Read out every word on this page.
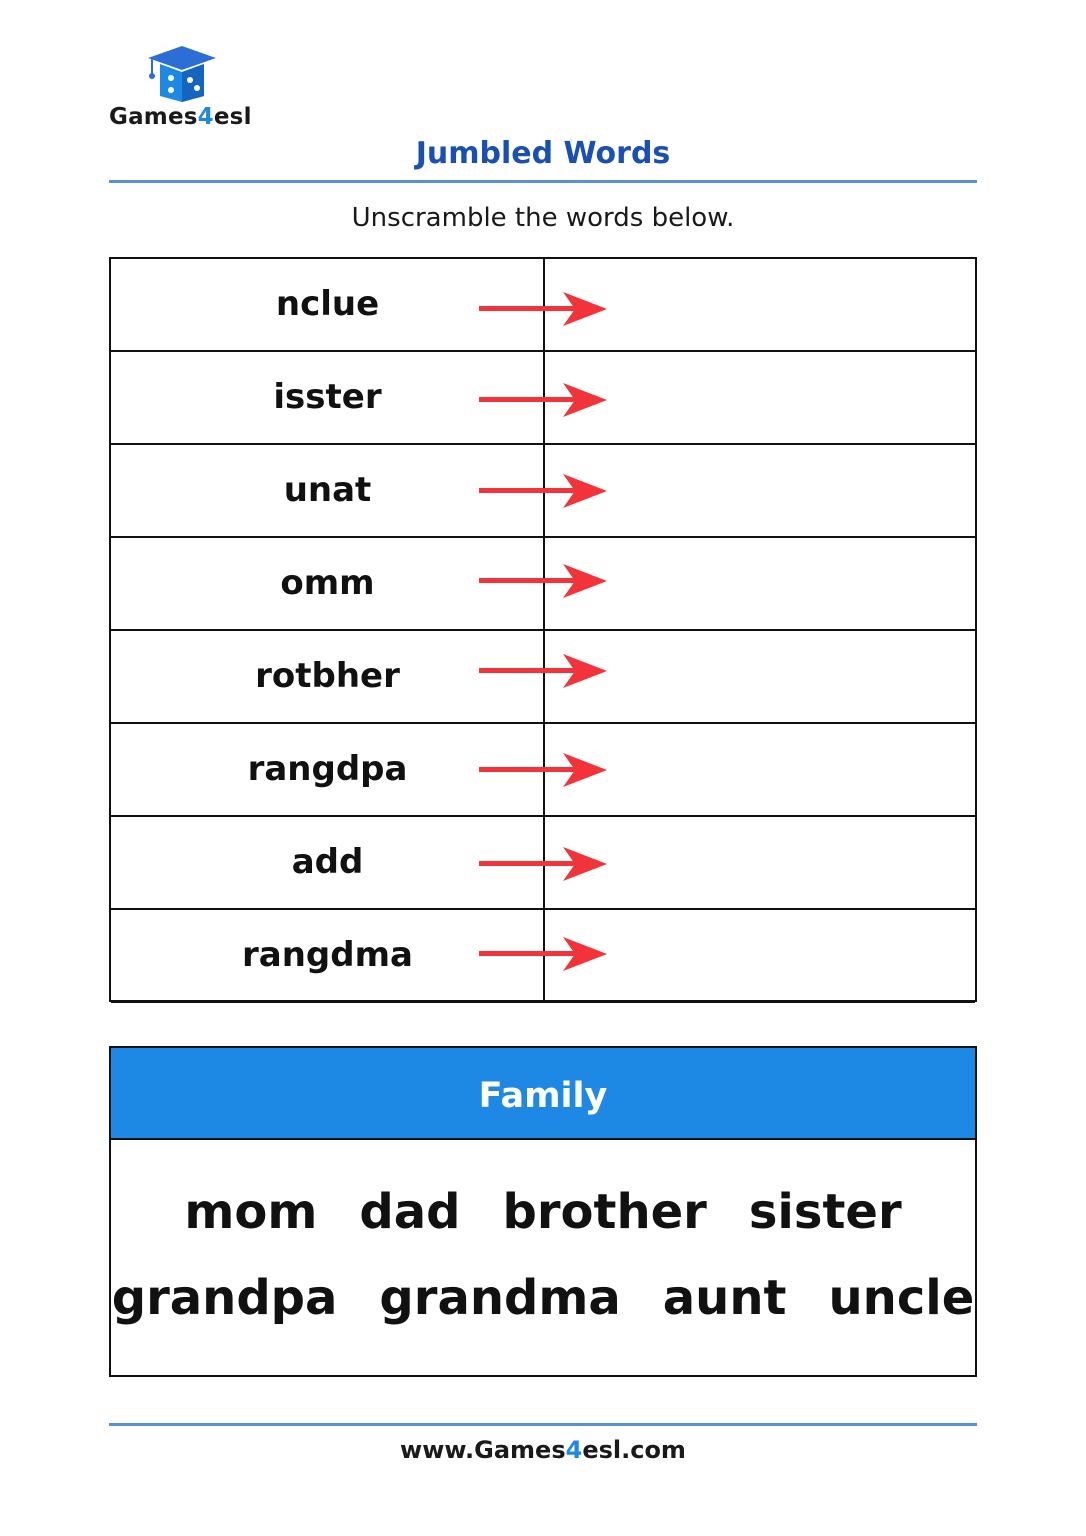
Games4esl
Jumbled Words
Unscramble the words below.
nclue
isster
unat
omm
rotbher
rangdpa
add
rangdma
Family
mom dad brother sister
grandpa grandma aunt uncle
www.Games4esl.com
